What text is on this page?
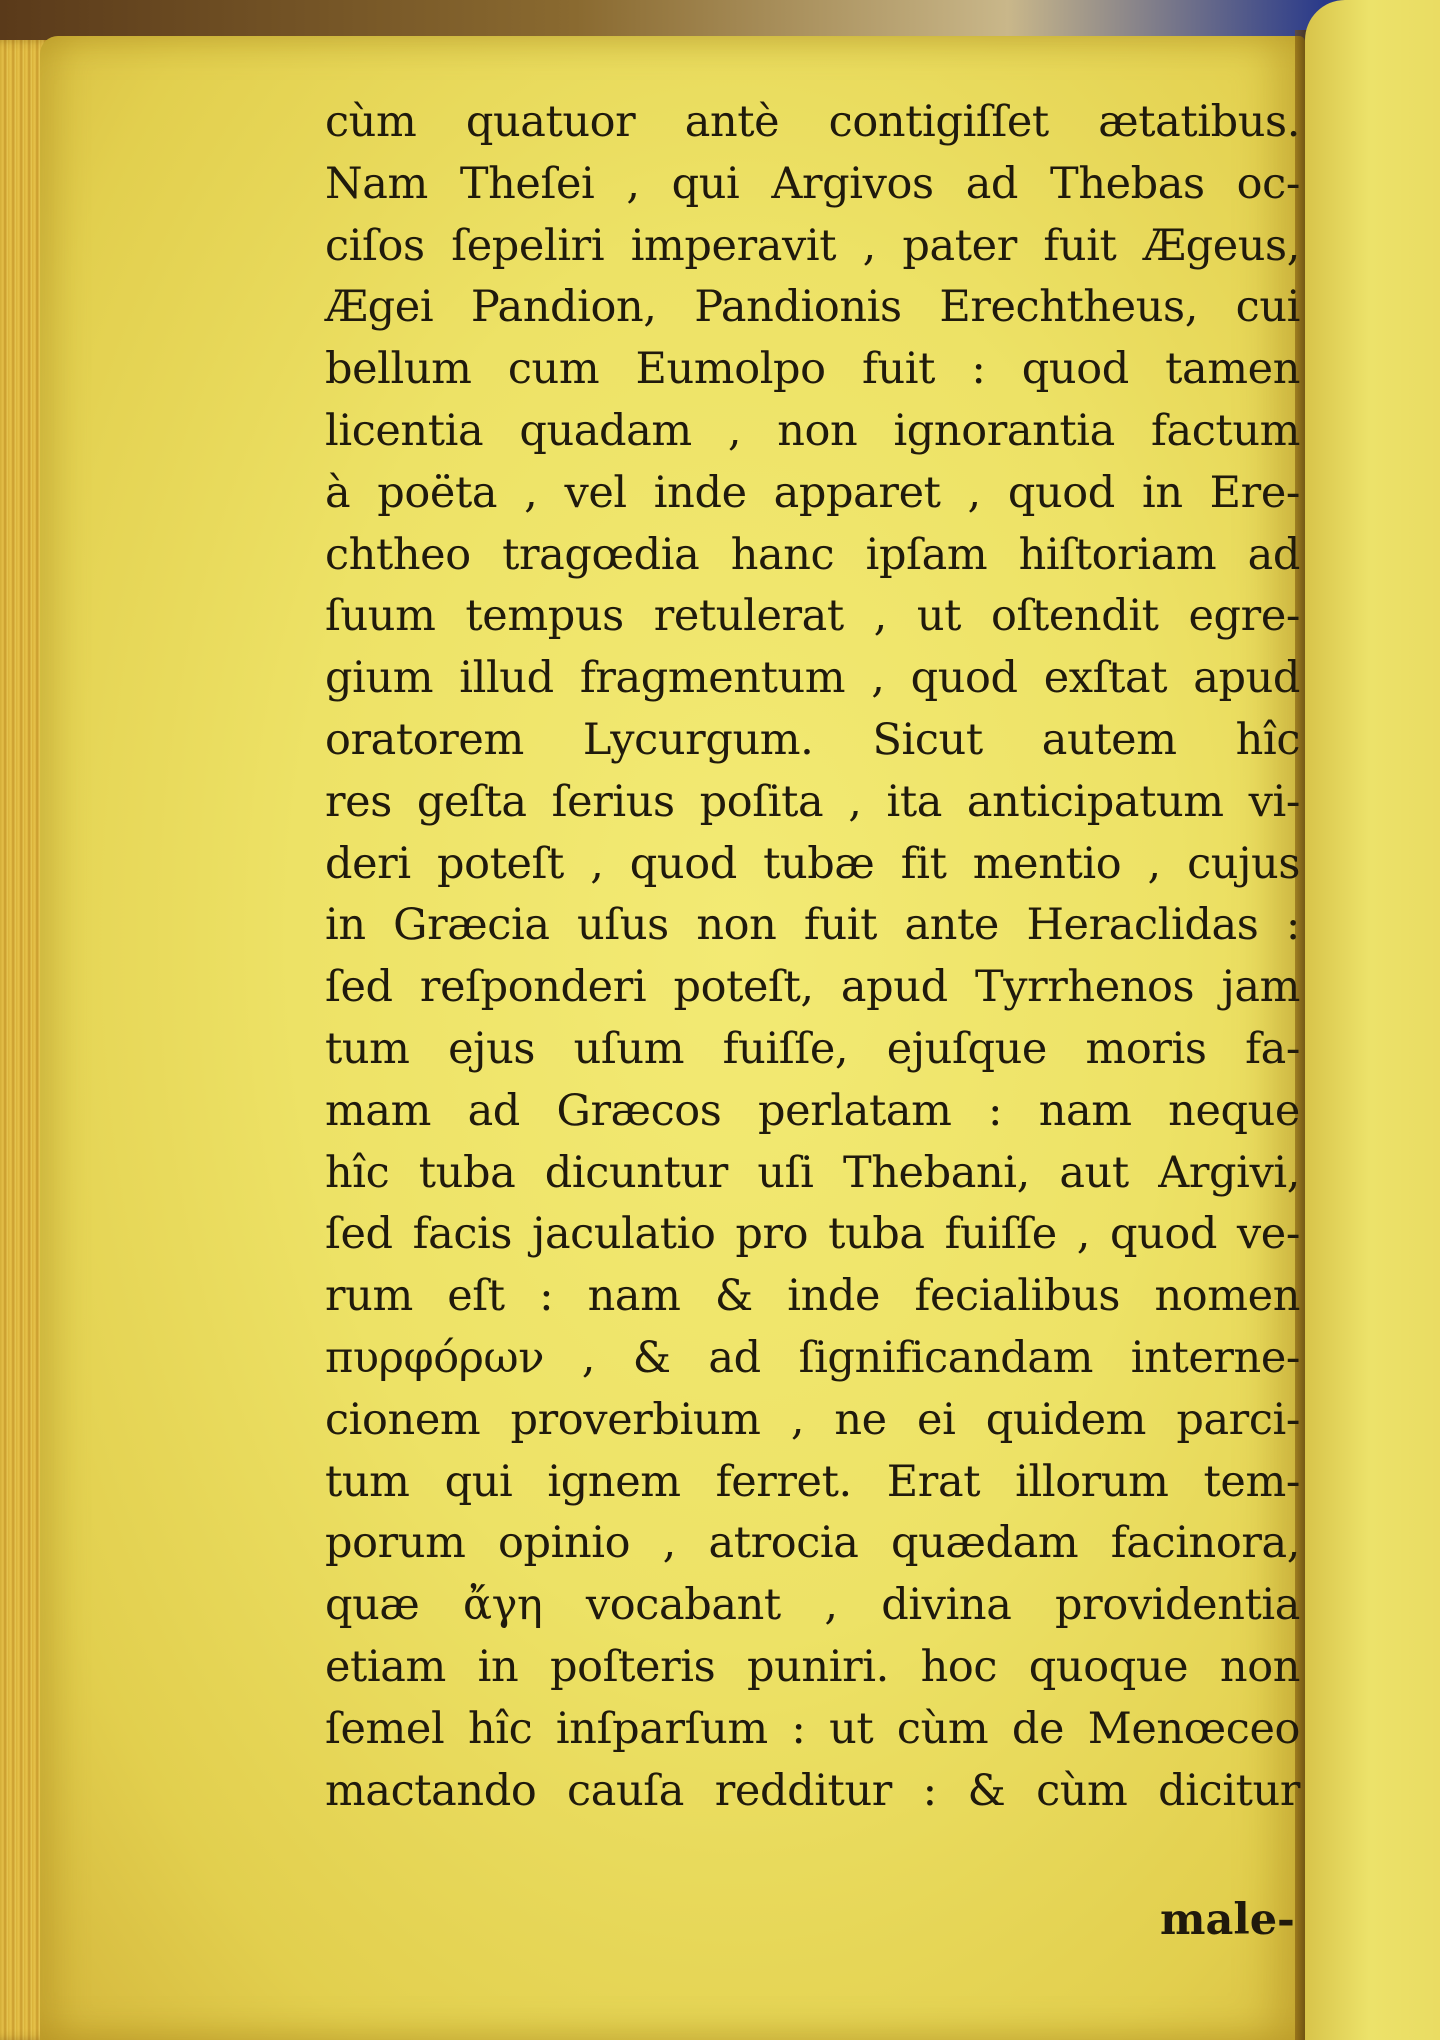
cùm quatuor antè contigiſſet ætatibus.
Nam Theſei , qui Argivos ad Thebas oc-
ciſos ſepeliri imperavit , pater fuit Ægeus,
Ægei Pandion, Pandionis Erechtheus, cui
bellum cum Eumolpo fuit : quod tamen
licentia quadam , non ignorantia factum
à poëta , vel inde apparet , quod in Ere-
chtheo tragœdia hanc ipſam hiſtoriam ad
ſuum tempus retulerat , ut oſtendit egre-
gium illud fragmentum , quod exſtat apud
oratorem Lycurgum. Sicut autem hîc
res geſta ſerius poſita , ita anticipatum vi-
deri poteſt , quod tubæ fit mentio , cujus
in Græcia uſus non fuit ante Heraclidas :
ſed reſponderi poteſt, apud Tyrrhenos jam
tum ejus uſum fuiſſe, ejuſque moris fa-
mam ad Græcos perlatam : nam neque
hîc tuba dicuntur uſi Thebani, aut Argivi,
ſed facis jaculatio pro tuba fuiſſe , quod ve-
rum eſt : nam & inde fecialibus nomen
πυρφόρων , & ad ſignificandam interne-
cionem proverbium , ne ei quidem parci-
tum qui ignem ferret. Erat illorum tem-
porum opinio , atrocia quædam facinora,
quæ ἄγη vocabant , divina providentia
etiam in poſteris puniri. hoc quoque non
ſemel hîc inſparſum : ut cùm de Menœceo
mactando cauſa redditur : & cùm dicitur
male-
